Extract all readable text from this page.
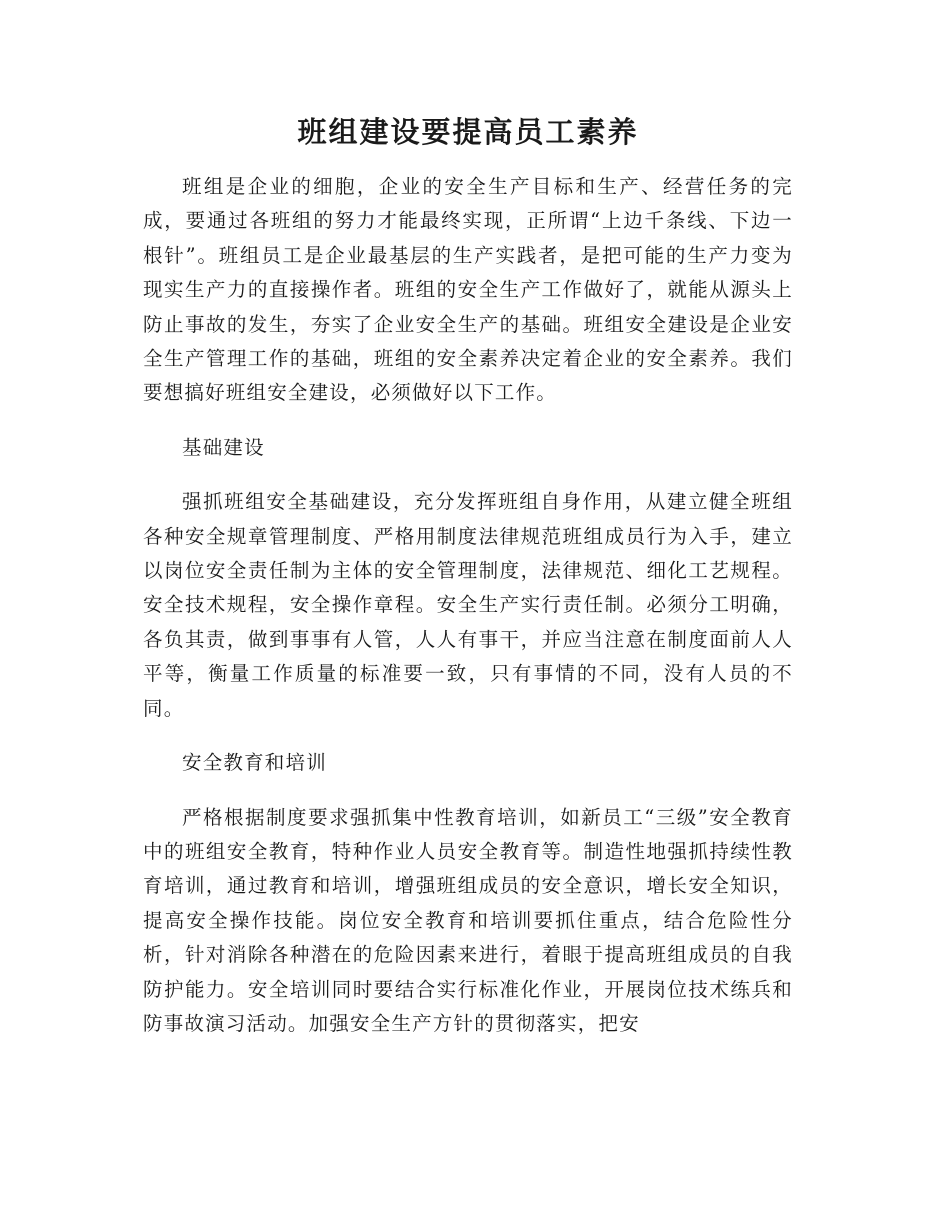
班组建设要提高员工素养

班组是企业的细胞，企业的安全生产目标和生产、经营任务的完成，要通过各班组的努力才能最终实现，正所谓“上边千条线、下边一根针”。班组员工是企业最基层的生产实践者，是把可能的生产力变为现实生产力的直接操作者。班组的安全生产工作做好了，就能从源头上防止事故的发生，夯实了企业安全生产的基础。班组安全建设是企业安全生产管理工作的基础，班组的安全素养决定着企业的安全素养。我们要想搞好班组安全建设，必须做好以下工作。

基础建设

强抓班组安全基础建设，充分发挥班组自身作用，从建立健全班组各种安全规章管理制度、严格用制度法律规范班组成员行为入手，建立以岗位安全责任制为主体的安全管理制度，法律规范、细化工艺规程。安全技术规程，安全操作章程。安全生产实行责任制。必须分工明确，各负其责，做到事事有人管，人人有事干，并应当注意在制度面前人人平等，衡量工作质量的标准要一致，只有事情的不同，没有人员的不同。

安全教育和培训

严格根据制度要求强抓集中性教育培训，如新员工“三级”安全教育中的班组安全教育，特种作业人员安全教育等。制造性地强抓持续性教育培训，通过教育和培训，增强班组成员的安全意识，增长安全知识，提高安全操作技能。岗位安全教育和培训要抓住重点，结合危险性分析，针对消除各种潜在的危险因素来进行，着眼于提高班组成员的自我防护能力。安全培训同时要结合实行标准化作业，开展岗位技术练兵和防事故演习活动。加强安全生产方针的贯彻落实，把安
